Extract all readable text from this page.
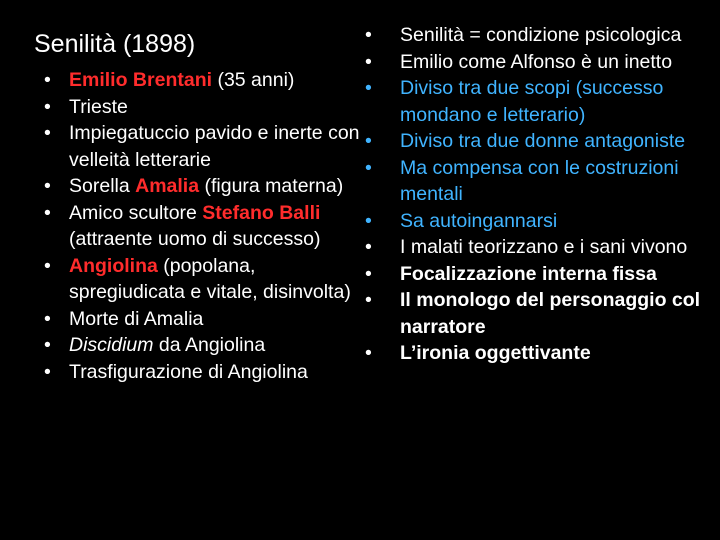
Senilità (1898)
• Emilio Brentani (35 anni)
• Trieste
• Impiegatuccio pavido e inerte con velleità letterarie
• Sorella Amalia (figura materna)
• Amico scultore Stefano Balli (attraente uomo di successo)
• Angiolina (popolana, spregiudicata e vitale, disinvolta)
• Morte di Amalia
• Discidium da Angiolina
• Trasfigurazione di Angiolina
• Senilità = condizione psicologica
• Emilio come Alfonso è un inetto
• Diviso tra due scopi (successo mondano e letterario)
• Diviso tra due donne antagoniste
• Ma compensa con le costruzioni mentali
• Sa autoingannarsi
• I malati teorizzano e i sani vivono
• Focalizzazione interna fissa
• Il monologo del personaggio col narratore
• L’ironia oggettivante
